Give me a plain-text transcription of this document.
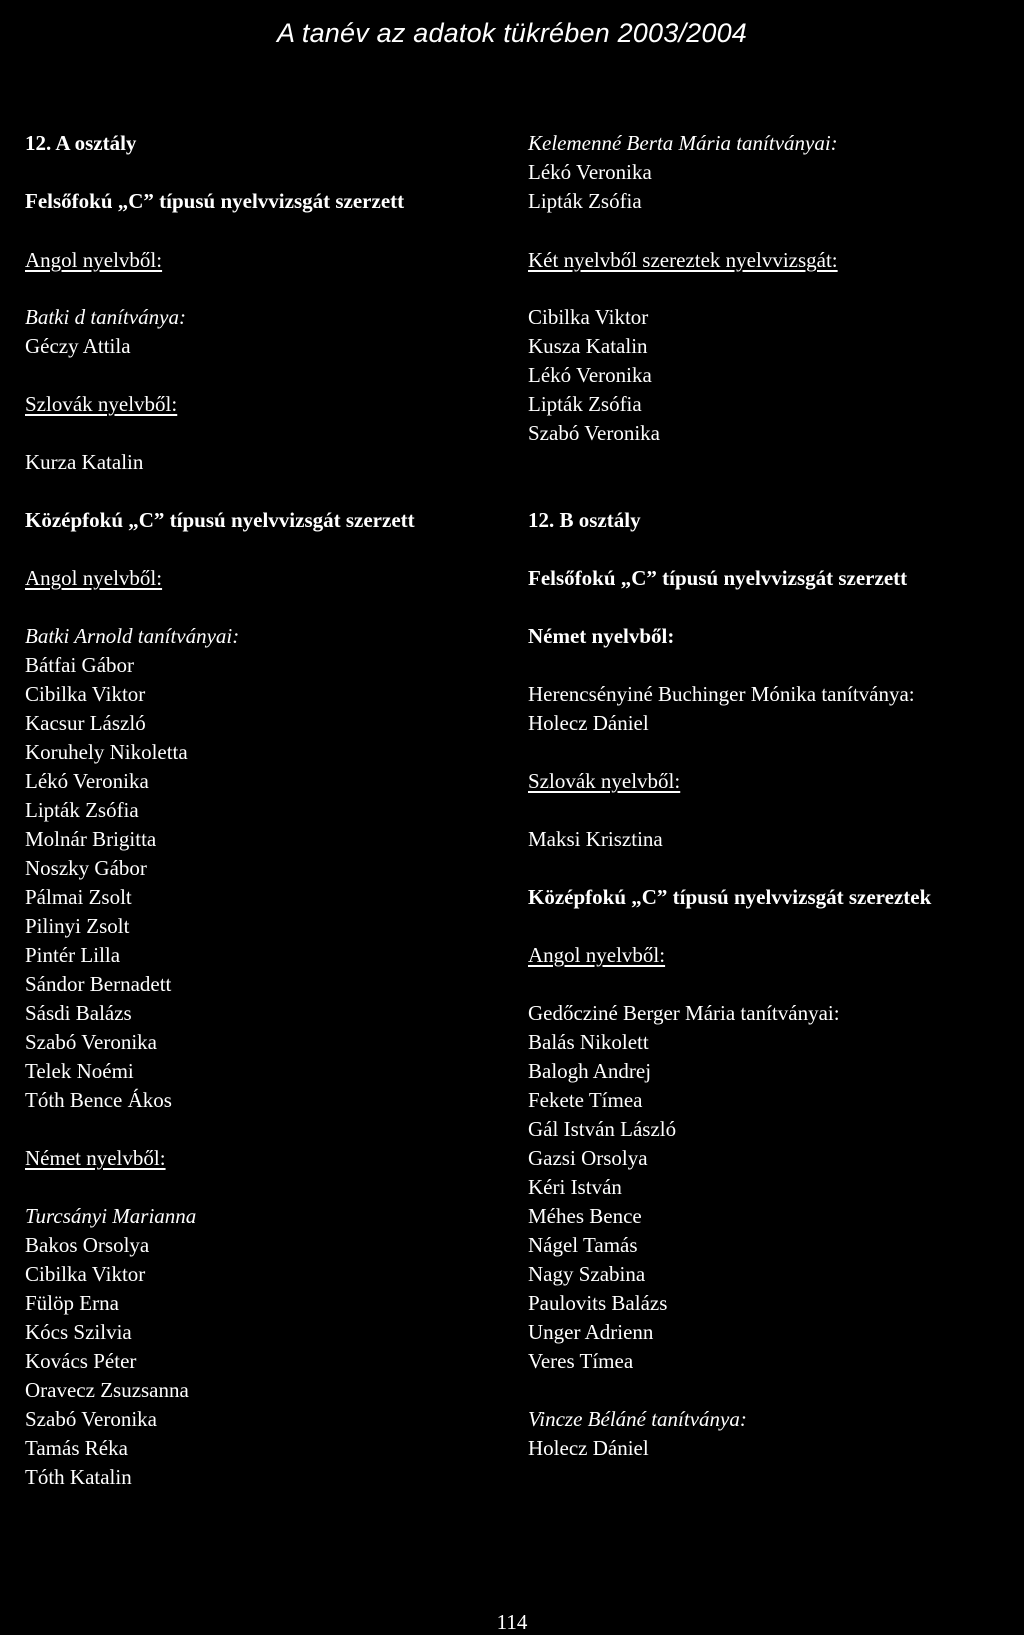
A tanév az adatok tükrében 2003/2004
12. A osztály
Felsőfokú „C” típusú nyelvvizsgát szerzett
Angol nyelvből:
Batki d tanítványa:
Géczy Attila
Szlovák nyelvből:
Kurza Katalin
Középfokú „C” típusú nyelvvizsgát szerzett
Angol nyelvből:
Batki Arnold tanítványai:
Bátfai Gábor
Cibilka Viktor
Kacsur László
Koruhely Nikoletta
Lékó Veronika
Lipták Zsófia
Molnár Brigitta
Noszky Gábor
Pálmai Zsolt
Pilinyi Zsolt
Pintér Lilla
Sándor Bernadett
Sásdi Balázs
Szabó Veronika
Telek Noémi
Tóth Bence Ákos
Német nyelvből:
Turcsányi Marianna
Bakos Orsolya
Cibilka Viktor
Fülöp Erna
Kócs Szilvia
Kovács Péter
Oravecz Zsuzsanna
Szabó Veronika
Tamás Réka
Tóth Katalin
Kelemenné Berta Mária tanítványai:
Lékó Veronika
Lipták Zsófia
Két nyelvből szereztek nyelvvizsgát:
Cibilka Viktor
Kusza Katalin
Lékó Veronika
Lipták Zsófia
Szabó Veronika
12. B osztály
Felsőfokú „C” típusú nyelvvizsgát szerzett
Német nyelvből:
Herencsényiné Buchinger Mónika tanítványa:
Holecz Dániel
Szlovák nyelvből:
Maksi Krisztina
Középfokú „C” típusú nyelvvizsgát szereztek
Angol nyelvből:
Gedőcziné Berger Mária tanítványai:
Balás Nikolett
Balogh Andrej
Fekete Tímea
Gál István László
Gazsi Orsolya
Kéri István
Méhes Bence
Nágel Tamás
Nagy Szabina
Paulovits Balázs
Unger Adrienn
Veres Tímea
Vincze Béláné tanítványa:
Holecz Dániel
114
